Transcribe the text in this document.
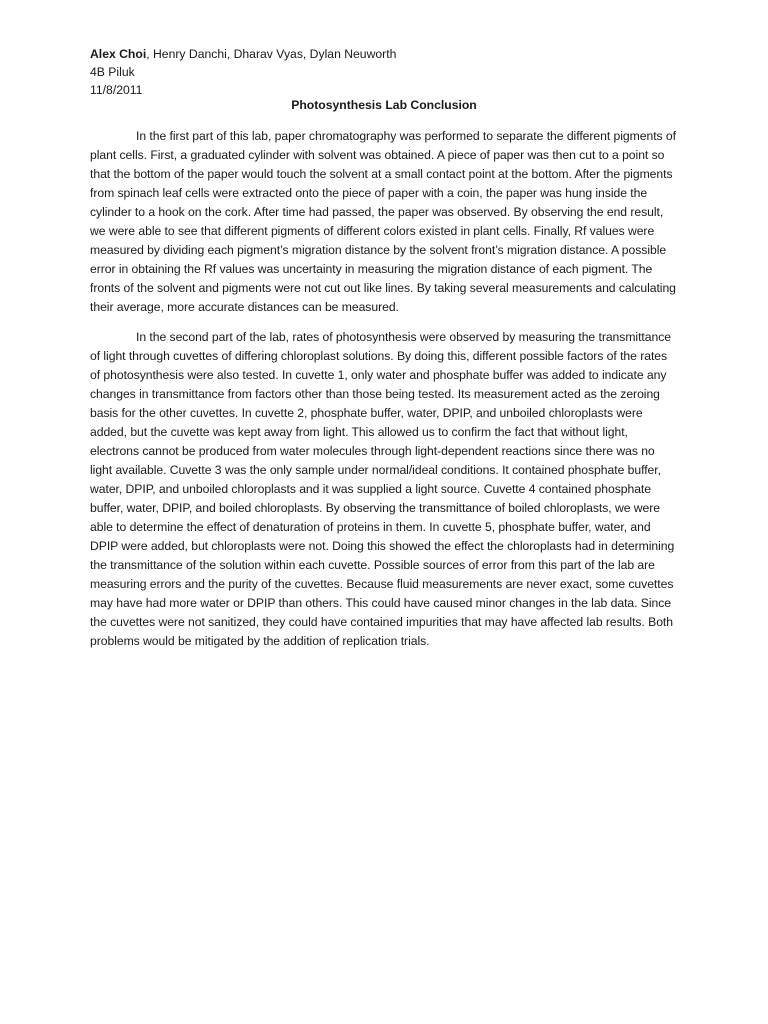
Alex Choi, Henry Danchi, Dharav Vyas, Dylan Neuworth
4B Piluk
11/8/2011
Photosynthesis Lab Conclusion

In the first part of this lab, paper chromatography was performed to separate the different pigments of plant cells. First, a graduated cylinder with solvent was obtained. A piece of paper was then cut to a point so that the bottom of the paper would touch the solvent at a small contact point at the bottom. After the pigments from spinach leaf cells were extracted onto the piece of paper with a coin, the paper was hung inside the cylinder to a hook on the cork. After time had passed, the paper was observed. By observing the end result, we were able to see that different pigments of different colors existed in plant cells. Finally, Rf values were measured by dividing each pigment’s migration distance by the solvent front’s migration distance. A possible error in obtaining the Rf values was uncertainty in measuring the migration distance of each pigment. The fronts of the solvent and pigments were not cut out like lines. By taking several measurements and calculating their average, more accurate distances can be measured.

In the second part of the lab, rates of photosynthesis were observed by measuring the transmittance of light through cuvettes of differing chloroplast solutions. By doing this, different possible factors of the rates of photosynthesis were also tested. In cuvette 1, only water and phosphate buffer was added to indicate any changes in transmittance from factors other than those being tested. Its measurement acted as the zeroing basis for the other cuvettes. In cuvette 2, phosphate buffer, water, DPIP, and unboiled chloroplasts were added, but the cuvette was kept away from light. This allowed us to confirm the fact that without light, electrons cannot be produced from water molecules through light-dependent reactions since there was no light available. Cuvette 3 was the only sample under normal/ideal conditions. It contained phosphate buffer, water, DPIP, and unboiled chloroplasts and it was supplied a light source. Cuvette 4 contained phosphate buffer, water, DPIP, and boiled chloroplasts. By observing the transmittance of boiled chloroplasts, we were able to determine the effect of denaturation of proteins in them. In cuvette 5, phosphate buffer, water, and DPIP were added, but chloroplasts were not. Doing this showed the effect the chloroplasts had in determining the transmittance of the solution within each cuvette. Possible sources of error from this part of the lab are measuring errors and the purity of the cuvettes. Because fluid measurements are never exact, some cuvettes may have had more water or DPIP than others. This could have caused minor changes in the lab data. Since the cuvettes were not sanitized, they could have contained impurities that may have affected lab results. Both problems would be mitigated by the addition of replication trials.
